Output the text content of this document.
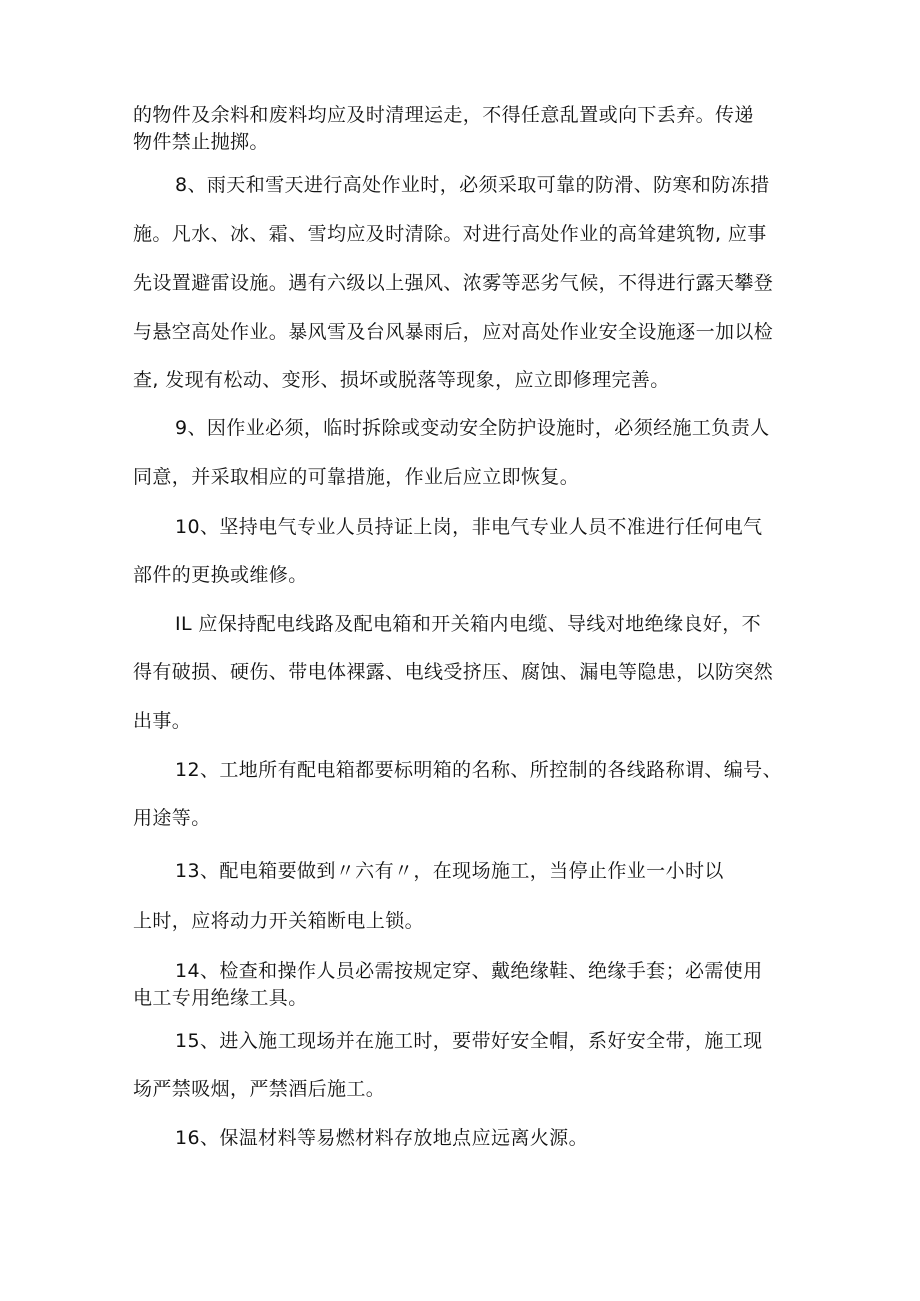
的物件及余料和废料均应及时清理运走，不得任意乱置或向下丢弃。传递
物件禁止抛掷。
8、雨天和雪天进行高处作业时，必须采取可靠的防滑、防寒和防冻措
施。凡水、冰、霜、雪均应及时清除。对进行高处作业的高耸建筑物, 应事
先设置避雷设施。遇有六级以上强风、浓雾等恶劣气候，不得进行露天攀登
与悬空高处作业。暴风雪及台风暴雨后，应对高处作业安全设施逐一加以检
查, 发现有松动、变形、损坏或脱落等现象，应立即修理完善。
9、因作业必须，临时拆除或变动安全防护设施时，必须经施工负责人
同意，并采取相应的可靠措施，作业后应立即恢复。
10、坚持电气专业人员持证上岗，非电气专业人员不准进行任何电气
部件的更换或维修。
IL 应保持配电线路及配电箱和开关箱内电缆、导线对地绝缘良好，不
得有破损、硬伤、带电体裸露、电线受挤压、腐蚀、漏电等隐患，以防突然
出事。
12、工地所有配电箱都要标明箱的名称、所控制的各线路称谓、编号、
用途等。
13、配电箱要做到〃六有〃，在现场施工，当停止作业一小时以
上时，应将动力开关箱断电上锁。
14、检查和操作人员必需按规定穿、戴绝缘鞋、绝缘手套；必需使用
电工专用绝缘工具。
15、进入施工现场并在施工时，要带好安全帽，系好安全带，施工现
场严禁吸烟，严禁酒后施工。
16、保温材料等易燃材料存放地点应远离火源。
